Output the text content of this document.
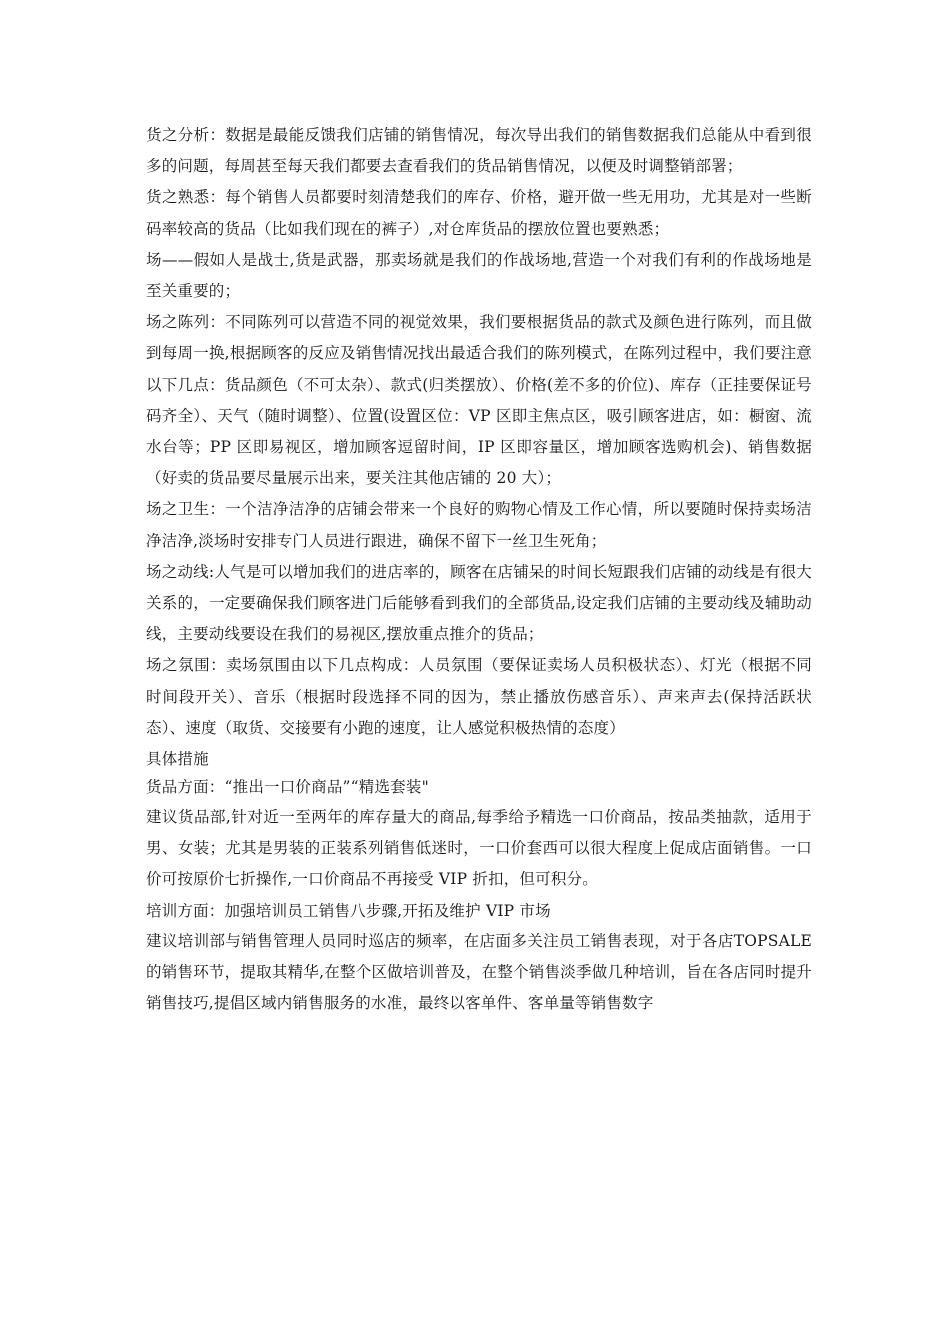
货之分析：数据是最能反馈我们店铺的销售情况，每次导出我们的销售数据我们总能从中看到很多的问题，每周甚至每天我们都要去查看我们的货品销售情况，以便及时调整销部署；

货之熟悉：每个销售人员都要时刻清楚我们的库存、价格，避开做一些无用功，尤其是对一些断码率较高的货品（比如我们现在的裤子）,对仓库货品的摆放位置也要熟悉；

场——假如人是战士,货是武器，那卖场就是我们的作战场地,营造一个对我们有利的作战场地是至关重要的；

场之陈列：不同陈列可以营造不同的视觉效果，我们要根据货品的款式及颜色进行陈列，而且做到每周一换,根据顾客的反应及销售情况找出最适合我们的陈列模式，在陈列过程中，我们要注意以下几点：货品颜色（不可太杂）、款式(归类摆放）、价格(差不多的价位)、库存（正挂要保证号码齐全）、天气（随时调整）、位置(设置区位：VP 区即主焦点区，吸引顾客进店，如：橱窗、流水台等；PP 区即易视区，增加顾客逗留时间，IP 区即容量区，增加顾客选购机会)、销售数据（好卖的货品要尽量展示出来，要关注其他店铺的 20 大）；

场之卫生：一个洁净洁净的店铺会带来一个良好的购物心情及工作心情，所以要随时保持卖场洁净洁净,淡场时安排专门人员进行跟进，确保不留下一丝卫生死角；

场之动线:人气是可以增加我们的进店率的，顾客在店铺呆的时间长短跟我们店铺的动线是有很大关系的，一定要确保我们顾客进门后能够看到我们的全部货品,设定我们店铺的主要动线及辅助动线，主要动线要设在我们的易视区,摆放重点推介的货品；

场之氛围：卖场氛围由以下几点构成：人员氛围（要保证卖场人员积极状态）、灯光（根据不同时间段开关）、音乐（根据时段选择不同的因为，禁止播放伤感音乐）、声来声去(保持活跃状态）、速度（取货、交接要有小跑的速度，让人感觉积极热情的态度）

具体措施

货品方面：“推出一口价商品”“精选套装"

建议货品部,针对近一至两年的库存量大的商品,每季给予精选一口价商品，按品类抽款，适用于男、女装；尤其是男装的正装系列销售低迷时，一口价套西可以很大程度上促成店面销售。一口价可按原价七折操作,一口价商品不再接受 VIP 折扣，但可积分。

培训方面：加强培训员工销售八步骤,开拓及维护 VIP 市场

建议培训部与销售管理人员同时巡店的频率，在店面多关注员工销售表现，对于各店TOPSALE 的销售环节，提取其精华,在整个区做培训普及，在整个销售淡季做几种培训，旨在各店同时提升销售技巧,提倡区域内销售服务的水准，最终以客单件、客单量等销售数字
